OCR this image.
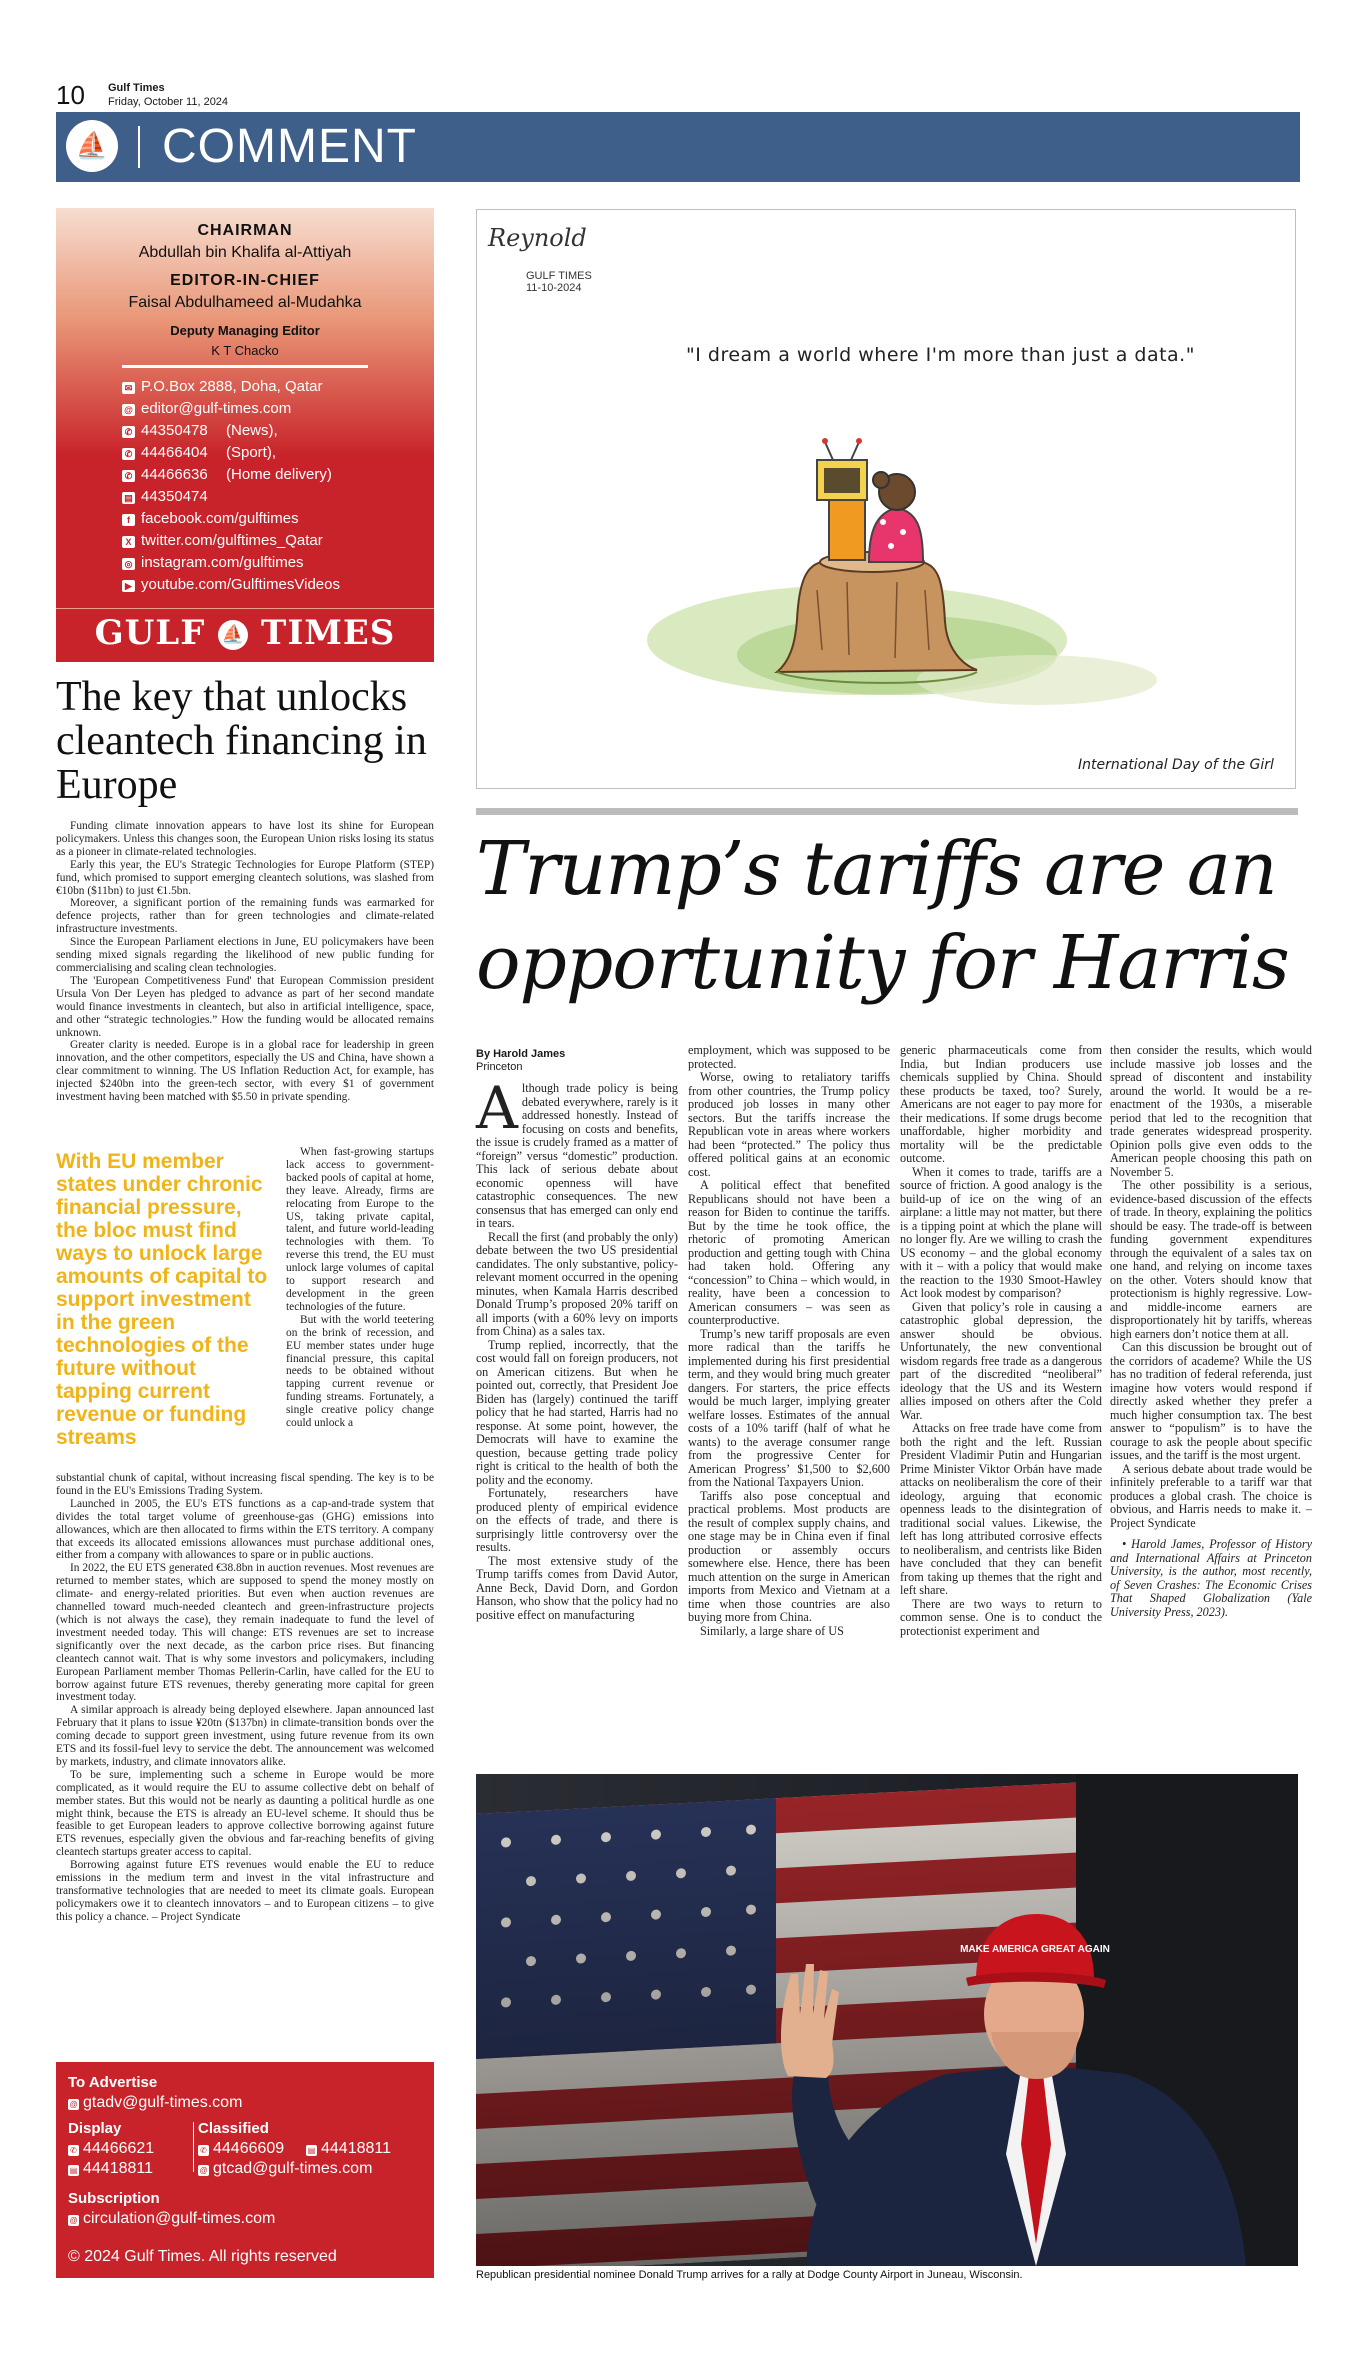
10 Gulf Times
Friday, October 11, 2024
⛵ COMMENT
CHAIRMAN
Abdullah bin Khalifa al-Attiyah
EDITOR-IN-CHIEF
Faisal Abdulhameed al-Mudahka
Deputy Managing Editor
K T Chacko
✉ P.O.Box 2888, Doha, Qatar
@ editor@gulf-times.com
✆ 44350478 (News),
✆ 44466404 (Sport),
✆ 44466636 (Home delivery)
▤ 44350474
f facebook.com/gulftimes
X twitter.com/gulftimes_Qatar
◎ instagram.com/gulftimes
▶ youtube.com/GulftimesVideos
GULF ⛵ TIMES
The key that unlocks cleantech financing in Europe

Funding climate innovation appears to have lost its shine for European policymakers. Unless this changes soon, the European Union risks losing its status as a pioneer in climate-related technologies.

Early this year, the EU's Strategic Technologies for Europe Platform (STEP) fund, which promised to support emerging cleantech solutions, was slashed from €10bn ($11bn) to just €1.5bn.

Moreover, a significant portion of the remaining funds was earmarked for defence projects, rather than for green technologies and climate-related infrastructure investments.

Since the European Parliament elections in June, EU policymakers have been sending mixed signals regarding the likelihood of new public funding for commercialising and scaling clean technologies.

The 'European Competitiveness Fund' that European Commission president Ursula Von Der Leyen has pledged to advance as part of her second mandate would finance investments in cleantech, but also in artificial intelligence, space, and other “strategic technologies.” How the funding would be allocated remains unknown.

Greater clarity is needed. Europe is in a global race for leadership in green innovation, and the other competitors, especially the US and China, have shown a clear commitment to winning. The US Inflation Reduction Act, for example, has injected $240bn into the green-tech sector, with every $1 of government investment having been matched with $5.50 in private spending.

With EU member states under chronic financial pressure, the bloc must find ways to unlock large amounts of capital to support investment in the green technologies of the future without tapping current revenue or funding streams

When fast-growing startups lack access to government-backed pools of capital at home, they leave. Already, firms are relocating from Europe to the US, taking private capital, talent, and future world-leading technologies with them. To reverse this trend, the EU must unlock large volumes of capital to support research and development in the green technologies of the future.

But with the world teetering on the brink of recession, and EU member states under huge financial pressure, this capital needs to be obtained without tapping current revenue or funding streams. Fortunately, a single creative policy change could unlock a

substantial chunk of capital, without increasing fiscal spending. The key is to be found in the EU's Emissions Trading System.

Launched in 2005, the EU's ETS functions as a cap-and-trade system that divides the total target volume of greenhouse-gas (GHG) emissions into allowances, which are then allocated to firms within the ETS territory. A company that exceeds its allocated emissions allowances must purchase additional ones, either from a company with allowances to spare or in public auctions.

In 2022, the EU ETS generated €38.8bn in auction revenues. Most revenues are returned to member states, which are supposed to spend the money mostly on climate- and energy-related priorities. But even when auction revenues are channelled toward much-needed cleantech and green-infrastructure projects (which is not always the case), they remain inadequate to fund the level of investment needed today. This will change: ETS revenues are set to increase significantly over the next decade, as the carbon price rises. But financing cleantech cannot wait. That is why some investors and policymakers, including European Parliament member Thomas Pellerin-Carlin, have called for the EU to borrow against future ETS revenues, thereby generating more capital for green investment today.

A similar approach is already being deployed elsewhere. Japan announced last February that it plans to issue ¥20tn ($137bn) in climate-transition bonds over the coming decade to support green investment, using future revenue from its own ETS and its fossil-fuel levy to service the debt. The announcement was welcomed by markets, industry, and climate innovators alike.

To be sure, implementing such a scheme in Europe would be more complicated, as it would require the EU to assume collective debt on behalf of member states. But this would not be nearly as daunting a political hurdle as one might think, because the ETS is already an EU-level scheme. It should thus be feasible to get European leaders to approve collective borrowing against future ETS revenues, especially given the obvious and far-reaching benefits of giving cleantech startups greater access to capital.

Borrowing against future ETS revenues would enable the EU to reduce emissions in the medium term and invest in the vital infrastructure and transformative technologies that are needed to meet its climate goals. European policymakers owe it to cleantech innovators – and to European citizens – to give this policy a chance. – Project Syndicate

Reynold
GULF TIMES
11-10-2024
"I dream a world where I'm more than just a data."
International Day of the Girl
Trump’s tariffs are an
opportunity for Harris
By Harold James
Princeton

Although trade policy is being debated everywhere, rarely is it addressed honestly. Instead of focusing on costs and benefits, the issue is crudely framed as a matter of “foreign” versus “domestic” production. This lack of serious debate about economic openness will have catastrophic consequences. The new consensus that has emerged can only end in tears.

Recall the first (and probably the only) debate between the two US presidential candidates. The only substantive, policy-relevant moment occurred in the opening minutes, when Kamala Harris described Donald Trump’s proposed 20% tariff on all imports (with a 60% levy on imports from China) as a sales tax.

Trump replied, incorrectly, that the cost would fall on foreign producers, not on American citizens. But when he pointed out, correctly, that President Joe Biden has (largely) continued the tariff policy that he had started, Harris had no response. At some point, however, the Democrats will have to examine the question, because getting trade policy right is critical to the health of both the polity and the economy.

Fortunately, researchers have produced plenty of empirical evidence on the effects of trade, and there is surprisingly little controversy over the results.

The most extensive study of the Trump tariffs comes from David Autor, Anne Beck, David Dorn, and Gordon Hanson, who show that the policy had no positive effect on manufacturing

employment, which was supposed to be protected.

Worse, owing to retaliatory tariffs from other countries, the Trump policy produced job losses in many other sectors. But the tariffs increase the Republican vote in areas where workers had been “protected.” The policy thus offered political gains at an economic cost.

A political effect that benefited Republicans should not have been a reason for Biden to continue the tariffs. But by the time he took office, the rhetoric of promoting American production and getting tough with China had taken hold. Offering any “concession” to China – which would, in reality, have been a concession to American consumers – was seen as counterproductive.

Trump’s new tariff proposals are even more radical than the tariffs he implemented during his first presidential term, and they would bring much greater dangers. For starters, the price effects would be much larger, implying greater welfare losses. Estimates of the annual costs of a 10% tariff (half of what he wants) to the average consumer range from the progressive Center for American Progress’ $1,500 to $2,600 from the National Taxpayers Union.

Tariffs also pose conceptual and practical problems. Most products are the result of complex supply chains, and one stage may be in China even if final production or assembly occurs somewhere else. Hence, there has been much attention on the surge in American imports from Mexico and Vietnam at a time when those countries are also buying more from China.

Similarly, a large share of US

generic pharmaceuticals come from India, but Indian producers use chemicals supplied by China. Should these products be taxed, too? Surely, Americans are not eager to pay more for their medications. If some drugs become unaffordable, higher morbidity and mortality will be the predictable outcome.

When it comes to trade, tariffs are a source of friction. A good analogy is the build-up of ice on the wing of an airplane: a little may not matter, but there is a tipping point at which the plane will no longer fly. Are we willing to crash the US economy – and the global economy with it – with a policy that would make the reaction to the 1930 Smoot-Hawley Act look modest by comparison?

Given that policy’s role in causing a catastrophic global depression, the answer should be obvious. Unfortunately, the new conventional wisdom regards free trade as a dangerous part of the discredited “neoliberal” ideology that the US and its Western allies imposed on others after the Cold War.

Attacks on free trade have come from both the right and the left. Russian President Vladimir Putin and Hungarian Prime Minister Viktor Orbán have made attacks on neoliberalism the core of their ideology, arguing that economic openness leads to the disintegration of traditional social values. Likewise, the left has long attributed corrosive effects to neoliberalism, and centrists like Biden have concluded that they can benefit from taking up themes that the right and left share.

There are two ways to return to common sense. One is to conduct the protectionist experiment and

then consider the results, which would include massive job losses and the spread of discontent and instability around the world. It would be a re-enactment of the 1930s, a miserable period that led to the recognition that trade generates widespread prosperity. Opinion polls give even odds to the American people choosing this path on November 5.

The other possibility is a serious, evidence-based discussion of the effects of trade. In theory, explaining the politics should be easy. The trade-off is between funding government expenditures through the equivalent of a sales tax on one hand, and relying on income taxes on the other. Voters should know that protectionism is highly regressive. Low- and middle-income earners are disproportionately hit by tariffs, whereas high earners don’t notice them at all.

Can this discussion be brought out of the corridors of academe? While the US has no tradition of federal referenda, just imagine how voters would respond if directly asked whether they prefer a much higher consumption tax. The best answer to “populism” is to have the courage to ask the people about specific issues, and the tariff is the most urgent.

A serious debate about trade would be infinitely preferable to a tariff war that produces a global crash. The choice is obvious, and Harris needs to make it. – Project Syndicate

• Harold James, Professor of History and International Affairs at Princeton University, is the author, most recently, of Seven Crashes: The Economic Crises That Shaped Globalization (Yale University Press, 2023).

MAKE AMERICA GREAT AGAIN
Republican presidential nominee Donald Trump arrives for a rally at Dodge County Airport in Juneau, Wisconsin.
To Advertise
@ gtadv@gulf-times.com
Display
✆ 44466621
▤ 44418811
Classified
✆ 44466609	▤ 44418811
@ gtcad@gulf-times.com
Subscription
@ circulation@gulf-times.com
© 2024 Gulf Times. All rights reserved
